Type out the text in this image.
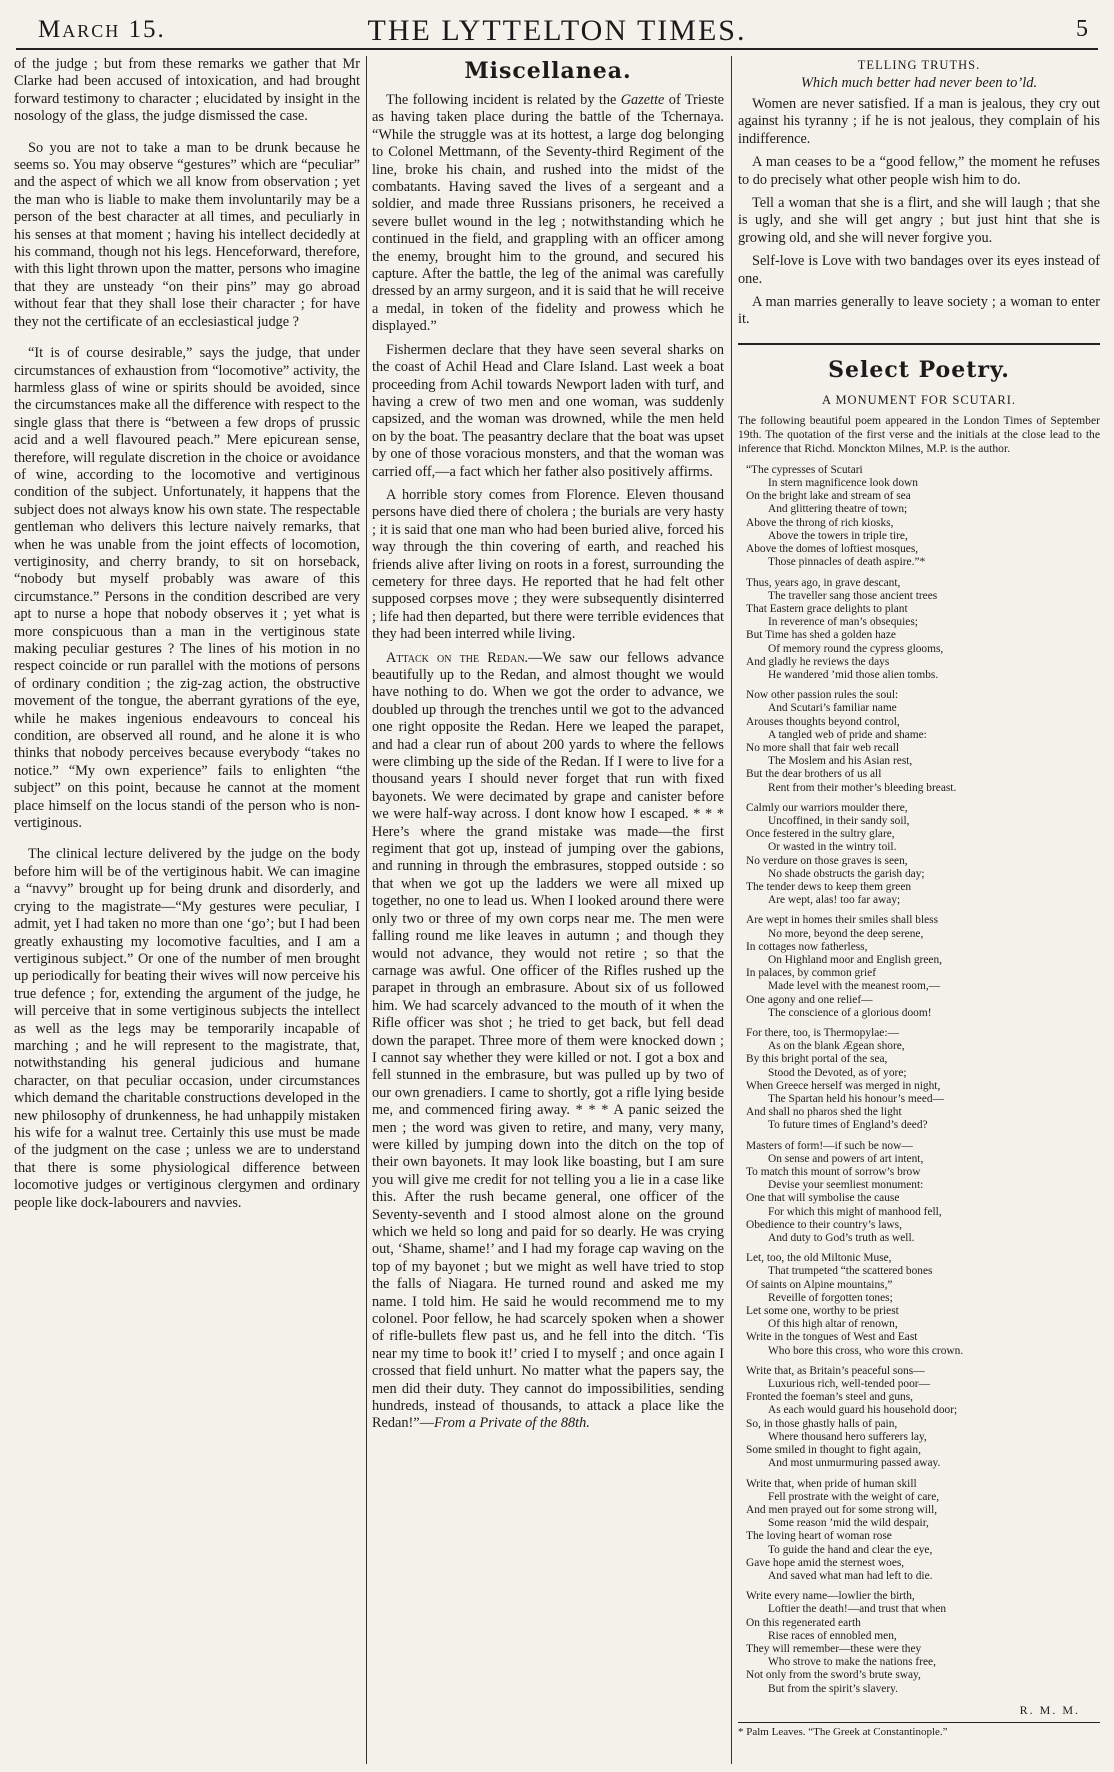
March 15.	THE LYTTELTON TIMES.	5

of the judge ; but from these remarks we gather that Mr Clarke had been accused of intoxication, and had brought forward testimony to character ; elucidated by insight in the nosology of the glass, the judge dismissed the case.

So you are not to take a man to be drunk because he seems so. You may observe “gestures” which are “peculiar” and the aspect of which we all know from observation ; yet the man who is liable to make them involuntarily may be a person of the best character at all times, and peculiarly in his senses at that moment ; having his intellect decidedly at his command, though not his legs. Henceforward, therefore, with this light thrown upon the matter, persons who imagine that they are unsteady “on their pins” may go abroad without fear that they shall lose their character ; for have they not the certificate of an ecclesiastical judge ?

“It is of course desirable,” says the judge, that under circumstances of exhaustion from “locomotive” activity, the harmless glass of wine or spirits should be avoided, since the circumstances make all the difference with respect to the single glass that there is “between a few drops of prussic acid and a well flavoured peach.” Mere epicurean sense, therefore, will regulate discretion in the choice or avoidance of wine, according to the locomotive and vertiginous condition of the subject. Unfortunately, it happens that the subject does not always know his own state. The respectable gentleman who delivers this lecture naively remarks, that when he was unable from the joint effects of locomotion, vertiginosity, and cherry brandy, to sit on horseback, “nobody but myself probably was aware of this circumstance.” Persons in the condition described are very apt to nurse a hope that nobody observes it ; yet what is more conspicuous than a man in the vertiginous state making peculiar gestures ? The lines of his motion in no respect coincide or run parallel with the motions of persons of ordinary condition ; the zig-zag action, the obstructive movement of the tongue, the aberrant gyrations of the eye, while he makes ingenious endeavours to conceal his condition, are observed all round, and he alone it is who thinks that nobody perceives because everybody “takes no notice.” “My own experience” fails to enlighten “the subject” on this point, because he cannot at the moment place himself on the locus standi of the person who is non-vertiginous.

The clinical lecture delivered by the judge on the body before him will be of the vertiginous habit. We can imagine a “navvy” brought up for being drunk and disorderly, and crying to the magistrate—“My gestures were peculiar, I admit, yet I had taken no more than one ‘go’; but I had been greatly exhausting my locomotive faculties, and I am a vertiginous subject.” Or one of the number of men brought up periodically for beating their wives will now perceive his true defence ; for, extending the argument of the judge, he will perceive that in some vertiginous subjects the intellect as well as the legs may be temporarily incapable of marching ; and he will represent to the magistrate, that, notwithstanding his general judicious and humane character, on that peculiar occasion, under circumstances which demand the charitable constructions developed in the new philosophy of drunkenness, he had unhappily mistaken his wife for a walnut tree. Certainly this use must be made of the judgment on the case ; unless we are to understand that there is some physiological difference between locomotive judges or vertiginous clergymen and ordinary people like dock-labourers and navvies.

Miscellanea.

The following incident is related by the Gazette of Trieste as having taken place during the battle of the Tchernaya. “While the struggle was at its hottest, a large dog belonging to Colonel Mettmann, of the Seventy-third Regiment of the line, broke his chain, and rushed into the midst of the combatants. Having saved the lives of a sergeant and a soldier, and made three Russians prisoners, he received a severe bullet wound in the leg ; notwithstanding which he continued in the field, and grappling with an officer among the enemy, brought him to the ground, and secured his capture. After the battle, the leg of the animal was carefully dressed by an army surgeon, and it is said that he will receive a medal, in token of the fidelity and prowess which he displayed.”

Fishermen declare that they have seen several sharks on the coast of Achil Head and Clare Island. Last week a boat proceeding from Achil towards Newport laden with turf, and having a crew of two men and one woman, was suddenly capsized, and the woman was drowned, while the men held on by the boat. The peasantry declare that the boat was upset by one of those voracious monsters, and that the woman was carried off,—a fact which her father also positively affirms.

A horrible story comes from Florence. Eleven thousand persons have died there of cholera ; the burials are very hasty ; it is said that one man who had been buried alive, forced his way through the thin covering of earth, and reached his friends alive after living on roots in a forest, surrounding the cemetery for three days. He reported that he had felt other supposed corpses move ; they were subsequently disinterred ; life had then departed, but there were terrible evidences that they had been interred while living.

Attack on the Redan.—We saw our fellows advance beautifully up to the Redan, and almost thought we would have nothing to do. When we got the order to advance, we doubled up through the trenches until we got to the advanced one right opposite the Redan. Here we leaped the parapet, and had a clear run of about 200 yards to where the fellows were climbing up the side of the Redan. If I were to live for a thousand years I should never forget that run with fixed bayonets. We were decimated by grape and canister before we were half-way across. I dont know how I escaped. * * * Here’s where the grand mistake was made—the first regiment that got up, instead of jumping over the gabions, and running in through the embrasures, stopped outside : so that when we got up the ladders we were all mixed up together, no one to lead us. When I looked around there were only two or three of my own corps near me. The men were falling round me like leaves in autumn ; and though they would not advance, they would not retire ; so that the carnage was awful. One officer of the Rifles rushed up the parapet in through an embrasure. About six of us followed him. We had scarcely advanced to the mouth of it when the Rifle officer was shot ; he tried to get back, but fell dead down the parapet. Three more of them were knocked down ; I cannot say whether they were killed or not. I got a box and fell stunned in the embrasure, but was pulled up by two of our own grenadiers. I came to shortly, got a rifle lying beside me, and commenced firing away. * * * A panic seized the men ; the word was given to retire, and many, very many, were killed by jumping down into the ditch on the top of their own bayonets. It may look like boasting, but I am sure you will give me credit for not telling you a lie in a case like this. After the rush became general, one officer of the Seventy-seventh and I stood almost alone on the ground which we held so long and paid for so dearly. He was crying out, ‘Shame, shame!’ and I had my forage cap waving on the top of my bayonet ; but we might as well have tried to stop the falls of Niagara. He turned round and asked me my name. I told him. He said he would recommend me to my colonel. Poor fellow, he had scarcely spoken when a shower of rifle-bullets flew past us, and he fell into the ditch. ‘Tis near my time to book it!’ cried I to myself ; and once again I crossed that field unhurt. No matter what the papers say, the men did their duty. They cannot do impossibilities, sending hundreds, instead of thousands, to attack a place like the Redan!”—From a Private of the 88th.

TELLING TRUTHS.
Which much better had never been to’ld.

Women are never satisfied. If a man is jealous, they cry out against his tyranny ; if he is not jealous, they complain of his indifference.

A man ceases to be a “good fellow,” the moment he refuses to do precisely what other people wish him to do.

Tell a woman that she is a flirt, and she will laugh ; that she is ugly, and she will get angry ; but just hint that she is growing old, and she will never forgive you.

Self-love is Love with two bandages over its eyes instead of one.

A man marries generally to leave society ; a woman to enter it.

Select Poetry.
A MONUMENT FOR SCUTARI.

The following beautiful poem appeared in the London Times of September 19th. The quotation of the first verse and the initials at the close lead to the inference that Richd. Monckton Milnes, M.P. is the author.

“The cypresses of Scutari

In stern magnificence look down

On the bright lake and stream of sea

And glittering theatre of town;

Above the throng of rich kiosks,

Above the towers in triple tire,

Above the domes of loftiest mosques,

Those pinnacles of death aspire.”*

Thus, years ago, in grave descant,

The traveller sang those ancient trees

That Eastern grace delights to plant

In reverence of man’s obsequies;

But Time has shed a golden haze

Of memory round the cypress glooms,

And gladly he reviews the days

He wandered ’mid those alien tombs.

Now other passion rules the soul:

And Scutari’s familiar name

Arouses thoughts beyond control,

A tangled web of pride and shame:

No more shall that fair web recall

The Moslem and his Asian rest,

But the dear brothers of us all

Rent from their mother’s bleeding breast.

Calmly our warriors moulder there,

Uncoffined, in their sandy soil,

Once festered in the sultry glare,

Or wasted in the wintry toil.

No verdure on those graves is seen,

No shade obstructs the garish day;

The tender dews to keep them green

Are wept, alas! too far away;

Are wept in homes their smiles shall bless

No more, beyond the deep serene,

In cottages now fatherless,

On Highland moor and English green,

In palaces, by common grief

Made level with the meanest room,—

One agony and one relief—

The conscience of a glorious doom!

For there, too, is Thermopylae:—

As on the blank Ægean shore,

By this bright portal of the sea,

Stood the Devoted, as of yore;

When Greece herself was merged in night,

The Spartan held his honour’s meed—

And shall no pharos shed the light

To future times of England’s deed?

Masters of form!—if such be now—

On sense and powers of art intent,

To match this mount of sorrow’s brow

Devise your seemliest monument:

One that will symbolise the cause

For which this might of manhood fell,

Obedience to their country’s laws,

And duty to God’s truth as well.

Let, too, the old Miltonic Muse,

That trumpeted “the scattered bones

Of saints on Alpine mountains,”

Reveille of forgotten tones;

Let some one, worthy to be priest

Of this high altar of renown,

Write in the tongues of West and East

Who bore this cross, who wore this crown.

Write that, as Britain’s peaceful sons—

Luxurious rich, well-tended poor—

Fronted the foeman’s steel and guns,

As each would guard his household door;

So, in those ghastly halls of pain,

Where thousand hero sufferers lay,

Some smiled in thought to fight again,

And most unmurmuring passed away.

Write that, when pride of human skill

Fell prostrate with the weight of care,

And men prayed out for some strong will,

Some reason ’mid the wild despair,

The loving heart of woman rose

To guide the hand and clear the eye,

Gave hope amid the sternest woes,

And saved what man had left to die.

Write every name—lowlier the birth,

Loftier the death!—and trust that when

On this regenerated earth

Rise races of ennobled men,

They will remember—these were they

Who strove to make the nations free,

Not only from the sword’s brute sway,

But from the spirit’s slavery.

R. M. M.
* Palm Leaves. “The Greek at Constantinople.”
